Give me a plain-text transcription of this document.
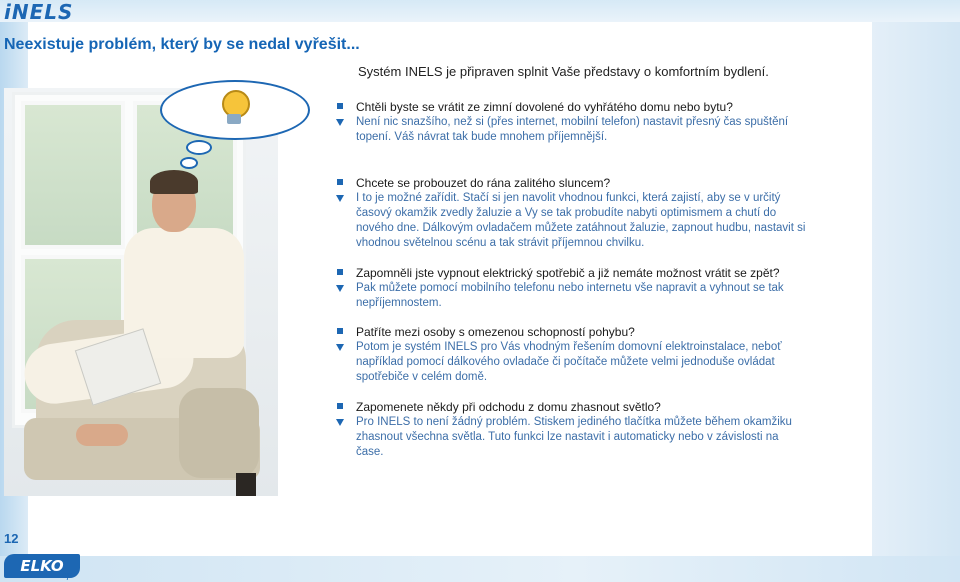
iNELS
Neexistuje problém, který by se nedal vyřešit...

Systém INELS je připraven splnit Vaše představy o komfortním bydlení.

Chtěli byste se vrátit ze zimní dovolené do vyhřátého domu nebo bytu?

Není nic snazšího, než si (přes internet, mobilní telefon) nastavit přesný čas spuštění topení. Váš návrat tak bude mnohem příjemnější.

Chcete se probouzet do rána zalitého sluncem?

I to je možné zařídit. Stačí si jen navolit vhodnou funkci, která zajistí, aby se v určitý časový okamžik zvedly žaluzie a Vy se tak probudíte nabyti optimismem a chutí do nového dne. Dálkovým ovladačem můžete zatáhnout žaluzie, zapnout hudbu, nastavit si vhodnou světelnou scénu a tak strávit příjemnou chvilku.

Zapomněli jste vypnout elektrický spotřebič a již nemáte možnost vrátit se zpět?

Pak můžete pomocí mobilního telefonu nebo internetu vše napravit a vyhnout se tak nepříjemnostem.

Patříte mezi osoby s omezenou schopností pohybu?

Potom je systém INELS pro Vás vhodným řešením domovní elektroinstalace, neboť například pomocí dálkového ovladače či počítače můžete velmi jednoduše ovládat spotřebiče v celém domě.

Zapomenete někdy při odchodu z domu zhasnout světlo?

Pro INELS to není žádný problém. Stiskem jediného tlačítka můžete během okamžiku zhasnout všechna světla. Tuto funkci lze nastavit i automaticky nebo v závislosti na čase.

12
ELKO
ep
